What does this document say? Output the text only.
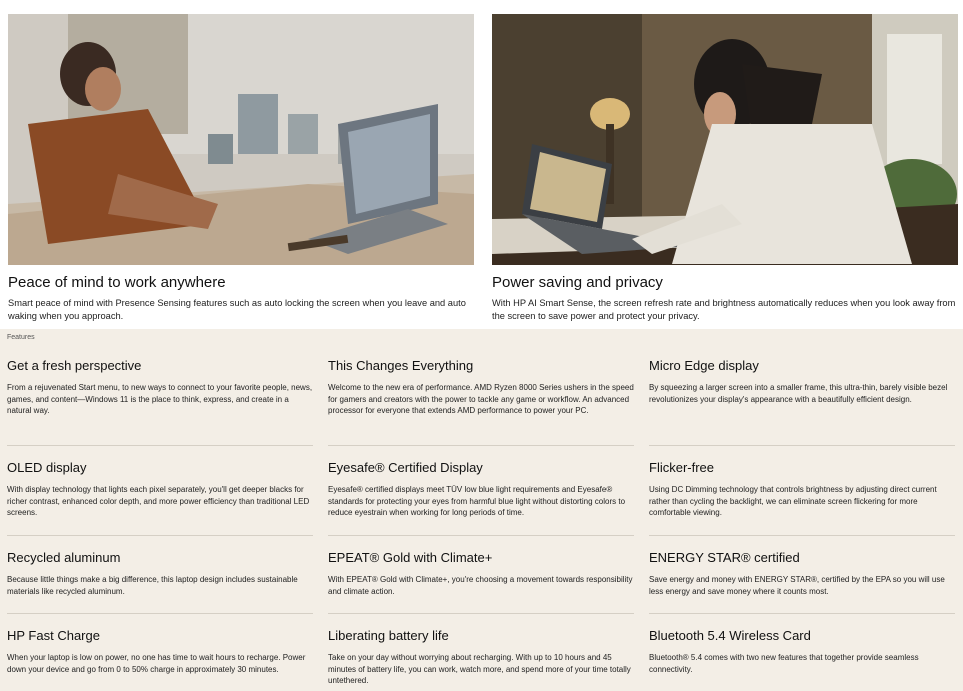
Peace of mind to work anywhere
Smart peace of mind with Presence Sensing features such as auto locking the screen when you leave and auto waking when you approach.
Power saving and privacy
With HP AI Smart Sense, the screen refresh rate and brightness automatically reduces when you look away from the screen to save power and protect your privacy.
Features
Get a fresh perspective

From a rejuvenated Start menu, to new ways to connect to your favorite people, news, games, and content—Windows 11 is the place to think, express, and create in a natural way.

This Changes Everything

Welcome to the new era of performance. AMD Ryzen 8000 Series ushers in the speed for gamers and creators with the power to tackle any game or workflow. An advanced processor for everyone that extends AMD performance to power your PC.

Micro Edge display

By squeezing a larger screen into a smaller frame, this ultra-thin, barely visible bezel revolutionizes your display's appearance with a beautifully efficient design.

OLED display

With display technology that lights each pixel separately, you'll get deeper blacks for richer contrast, enhanced color depth, and more power efficiency than traditional LED screens.

Eyesafe® Certified Display

Eyesafe® certified displays meet TÜV low blue light requirements and Eyesafe® standards for protecting your eyes from harmful blue light without distorting colors to reduce eyestrain when working for long periods of time.

Flicker-free

Using DC Dimming technology that controls brightness by adjusting direct current rather than cycling the backlight, we can eliminate screen flickering for more comfortable viewing.

Recycled aluminum

Because little things make a big difference, this laptop design includes sustainable materials like recycled aluminum.

EPEAT® Gold with Climate+

With EPEAT® Gold with Climate+, you're choosing a movement towards responsibility and climate action.

ENERGY STAR® certified

Save energy and money with ENERGY STAR®, certified by the EPA so you will use less energy and save money where it counts most.

HP Fast Charge

When your laptop is low on power, no one has time to wait hours to recharge. Power down your device and go from 0 to 50% charge in approximately 30 minutes.

Liberating battery life

Take on your day without worrying about recharging. With up to 10 hours and 45 minutes of battery life, you can work, watch more, and spend more of your time totally untethered.

Bluetooth 5.4 Wireless Card

Bluetooth® 5.4 comes with two new features that together provide seamless connectivity.
